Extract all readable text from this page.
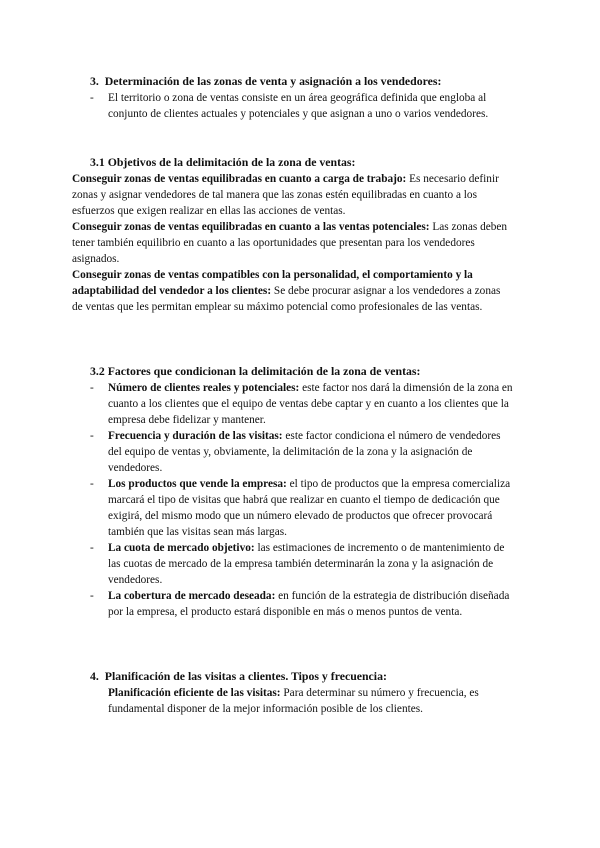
3. Determinación de las zonas de venta y asignación a los vendedores:
- El territorio o zona de ventas consiste en un área geográfica definida que engloba al conjunto de clientes actuales y potenciales y que asignan a uno o varios vendedores.
3.1 Objetivos de la delimitación de la zona de ventas:
Conseguir zonas de ventas equilibradas en cuanto a carga de trabajo: Es necesario definir zonas y asignar vendedores de tal manera que las zonas estén equilibradas en cuanto a los esfuerzos que exigen realizar en ellas las acciones de ventas.
Conseguir zonas de ventas equilibradas en cuanto a las ventas potenciales: Las zonas deben tener también equilibrio en cuanto a las oportunidades que presentan para los vendedores asignados.
Conseguir zonas de ventas compatibles con la personalidad, el comportamiento y la adaptabilidad del vendedor a los clientes: Se debe procurar asignar a los vendedores a zonas de ventas que les permitan emplear su máximo potencial como profesionales de las ventas.
3.2 Factores que condicionan la delimitación de la zona de ventas:
- Número de clientes reales y potenciales: este factor nos dará la dimensión de la zona en cuanto a los clientes que el equipo de ventas debe captar y en cuanto a los clientes que la empresa debe fidelizar y mantener.
- Frecuencia y duración de las visitas: este factor condiciona el número de vendedores del equipo de ventas y, obviamente, la delimitación de la zona y la asignación de vendedores.
- Los productos que vende la empresa: el tipo de productos que la empresa comercializa marcará el tipo de visitas que habrá que realizar en cuanto el tiempo de dedicación que exigirá, del mismo modo que un número elevado de productos que ofrecer provocará también que las visitas sean más largas.
- La cuota de mercado objetivo: las estimaciones de incremento o de mantenimiento de las cuotas de mercado de la empresa también determinarán la zona y la asignación de vendedores.
- La cobertura de mercado deseada: en función de la estrategia de distribución diseñada por la empresa, el producto estará disponible en más o menos puntos de venta.
4. Planificación de las visitas a clientes. Tipos y frecuencia:
Planificación eficiente de las visitas: Para determinar su número y frecuencia, es fundamental disponer de la mejor información posible de los clientes.
